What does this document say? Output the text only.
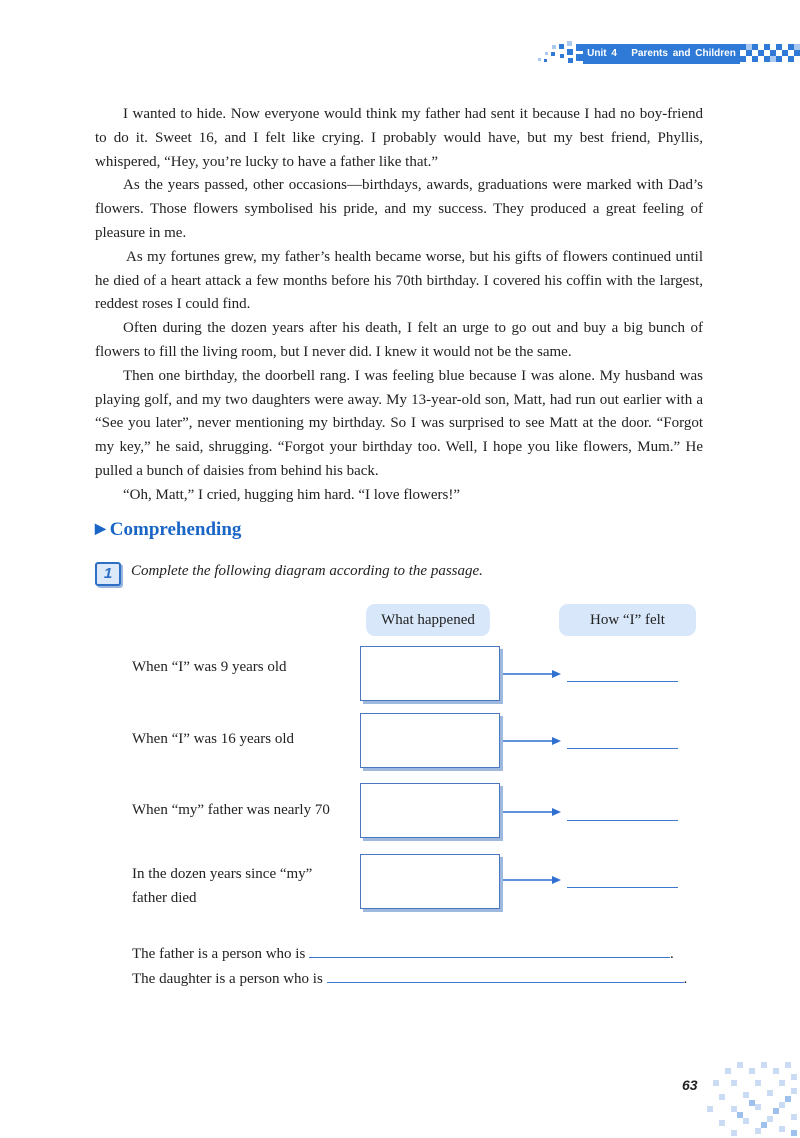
Unit 4 Parents and Children

I wanted to hide. Now everyone would think my father had sent it because I had no boy-friend to do it. Sweet 16, and I felt like crying. I probably would have, but my best friend, Phyllis, whispered, “Hey, you’re lucky to have a father like that.”

As the years passed, other occasions—birthdays, awards, graduations were marked with Dad’s flowers. Those flowers symbolised his pride, and my success. They produced a great feeling of pleasure in me.

As my fortunes grew, my father’s health became worse, but his gifts of flowers continued until he died of a heart attack a few months before his 70th birthday. I covered his coffin with the largest, reddest roses I could find.

Often during the dozen years after his death, I felt an urge to go out and buy a big bunch of flowers to fill the living room, but I never did. I knew it would not be the same.

Then one birthday, the doorbell rang. I was feeling blue because I was alone. My husband was playing golf, and my two daughters were away. My 13-year-old son, Matt, had run out earlier with a “See you later”, never mentioning my birthday. So I was surprised to see Matt at the door. “Forgot my key,” he said, shrugging. “Forgot your birthday too. Well, I hope you like flowers, Mum.” He pulled a bunch of daisies from behind his back.

“Oh, Matt,” I cried, hugging him hard. “I love flowers!”

▶ Comprehending
1	Complete the following diagram according to the passage.
What happened	How “I” felt
When “I” was 9 years old
When “I” was 16 years old
When “my” father was nearly 70
In the dozen years since “my” father died
The father is a person who is	.
The daughter is a person who is	.
63
